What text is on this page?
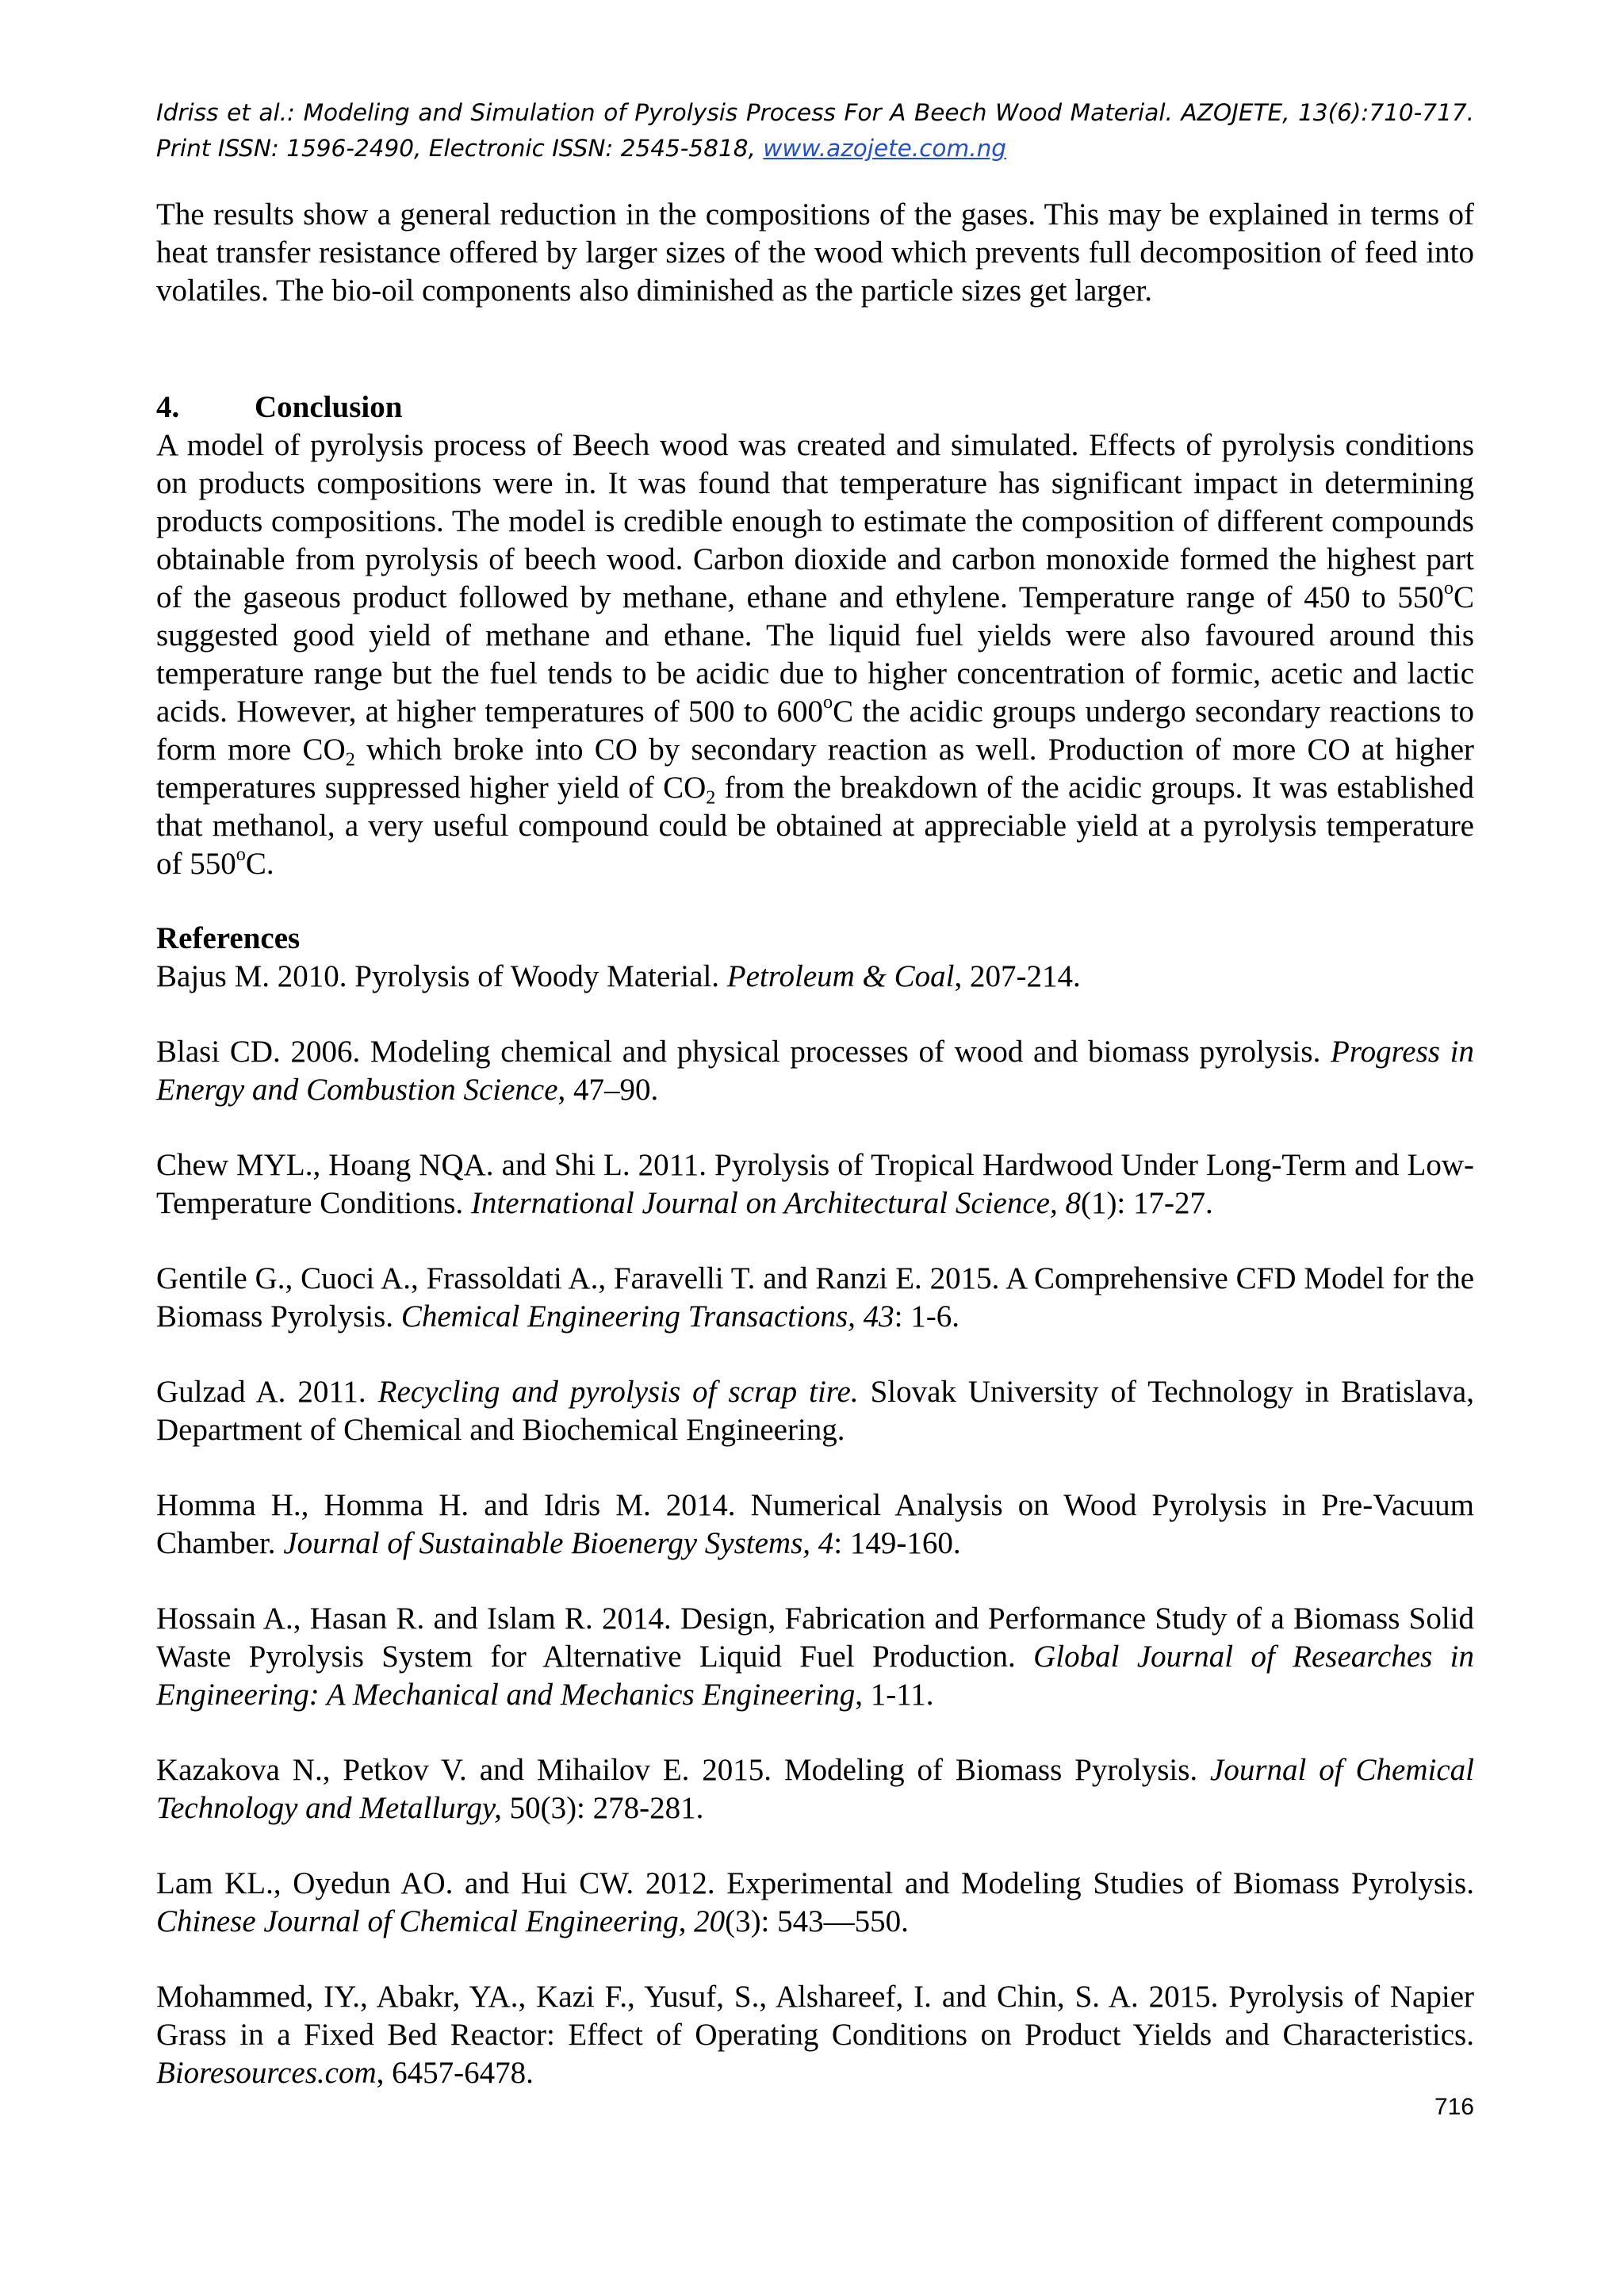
Idriss et al.: Modeling and Simulation of Pyrolysis Process For A Beech Wood Material. AZOJETE, 13(6):710-717. Print ISSN: 1596-2490, Electronic ISSN: 2545-5818, www.azojete.com.ng
The results show a general reduction in the compositions of the gases. This may be explained in terms of heat transfer resistance offered by larger sizes of the wood which prevents full decomposition of feed into volatiles. The bio-oil components also diminished as the particle sizes get larger.
4. Conclusion
A model of pyrolysis process of Beech wood was created and simulated. Effects of pyrolysis conditions on products compositions were in. It was found that temperature has significant impact in determining products compositions. The model is credible enough to estimate the composition of different compounds obtainable from pyrolysis of beech wood. Carbon dioxide and carbon monoxide formed the highest part of the gaseous product followed by methane, ethane and ethylene. Temperature range of 450 to 550$^o$C suggested good yield of methane and ethane. The liquid fuel yields were also favoured around this temperature range but the fuel tends to be acidic due to higher concentration of formic, acetic and lactic acids. However, at higher temperatures of 500 to 600$^o$C the acidic groups undergo secondary reactions to form more $CO_2$ which broke into CO by secondary reaction as well. Production of more CO at higher temperatures suppressed higher yield of $CO_2$ from the breakdown of the acidic groups. It was established that methanol, a very useful compound could be obtained at appreciable yield at a pyrolysis temperature of 550$^o$C.
References

Bajus M. 2010. Pyrolysis of Woody Material. Petroleum & Coal, 207-214.

Blasi CD. 2006. Modeling chemical and physical processes of wood and biomass pyrolysis. Progress in Energy and Combustion Science, 47–90.

Chew MYL., Hoang NQA. and Shi L. 2011. Pyrolysis of Tropical Hardwood Under Long-Term and Low-Temperature Conditions. International Journal on Architectural Science, 8(1): 17-27.

Gentile G., Cuoci A., Frassoldati A., Faravelli T. and Ranzi E. 2015. A Comprehensive CFD Model for the Biomass Pyrolysis. Chemical Engineering Transactions, 43: 1-6.

Gulzad A. 2011. Recycling and pyrolysis of scrap tire. Slovak University of Technology in Bratislava, Department of Chemical and Biochemical Engineering.

Homma H., Homma H. and Idris M. 2014. Numerical Analysis on Wood Pyrolysis in Pre-Vacuum Chamber. Journal of Sustainable Bioenergy Systems, 4: 149-160.

Hossain A., Hasan R. and Islam R. 2014. Design, Fabrication and Performance Study of a Biomass Solid Waste Pyrolysis System for Alternative Liquid Fuel Production. Global Journal of Researches in Engineering: A Mechanical and Mechanics Engineering, 1-11.

Kazakova N., Petkov V. and Mihailov E. 2015. Modeling of Biomass Pyrolysis. Journal of Chemical Technology and Metallurgy, 50(3): 278-281.

Lam KL., Oyedun AO. and Hui CW. 2012. Experimental and Modeling Studies of Biomass Pyrolysis. Chinese Journal of Chemical Engineering, 20(3): 543—550.

Mohammed, IY., Abakr, YA., Kazi F., Yusuf, S., Alshareef, I. and Chin, S. A. 2015. Pyrolysis of Napier Grass in a Fixed Bed Reactor: Effect of Operating Conditions on Product Yields and Characteristics. Bioresources.com, 6457-6478.

716
